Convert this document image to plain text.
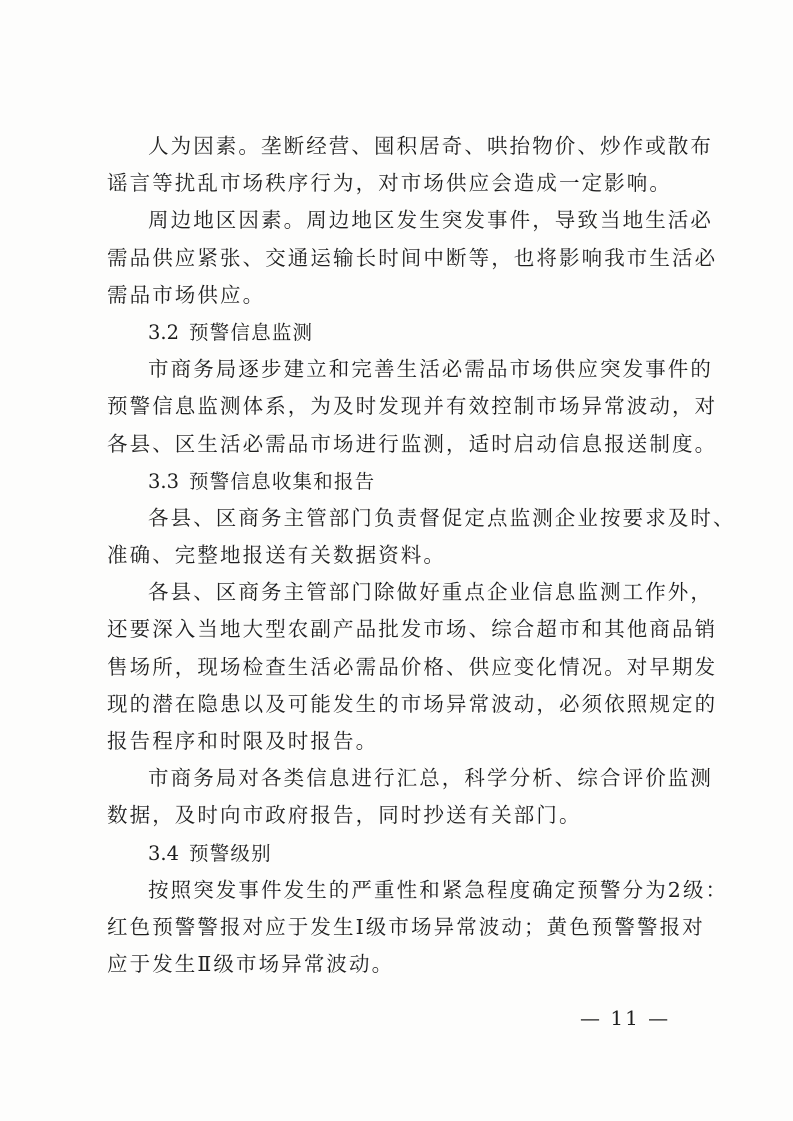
人为因素。垄断经营、囤积居奇、哄抬物价、炒作或散布
谣言等扰乱市场秩序行为，对市场供应会造成一定影响。
周边地区因素。周边地区发生突发事件，导致当地生活必
需品供应紧张、交通运输长时间中断等，也将影响我市生活必
需品市场供应。
3.2 预警信息监测
市商务局逐步建立和完善生活必需品市场供应突发事件的
预警信息监测体系，为及时发现并有效控制市场异常波动，对
各县、区生活必需品市场进行监测，适时启动信息报送制度。
3.3 预警信息收集和报告
各县、区商务主管部门负责督促定点监测企业按要求及时、
准确、完整地报送有关数据资料。
各县、区商务主管部门除做好重点企业信息监测工作外，
还要深入当地大型农副产品批发市场、综合超市和其他商品销
售场所，现场检查生活必需品价格、供应变化情况。对早期发
现的潜在隐患以及可能发生的市场异常波动，必须依照规定的
报告程序和时限及时报告。
市商务局对各类信息进行汇总，科学分析、综合评价监测
数据，及时向市政府报告，同时抄送有关部门。
3.4 预警级别
按照突发事件发生的严重性和紧急程度确定预警分为2级：
红色预警警报对应于发生Ⅰ级市场异常波动；黄色预警警报对
应于发生Ⅱ级市场异常波动。
— 11 —
